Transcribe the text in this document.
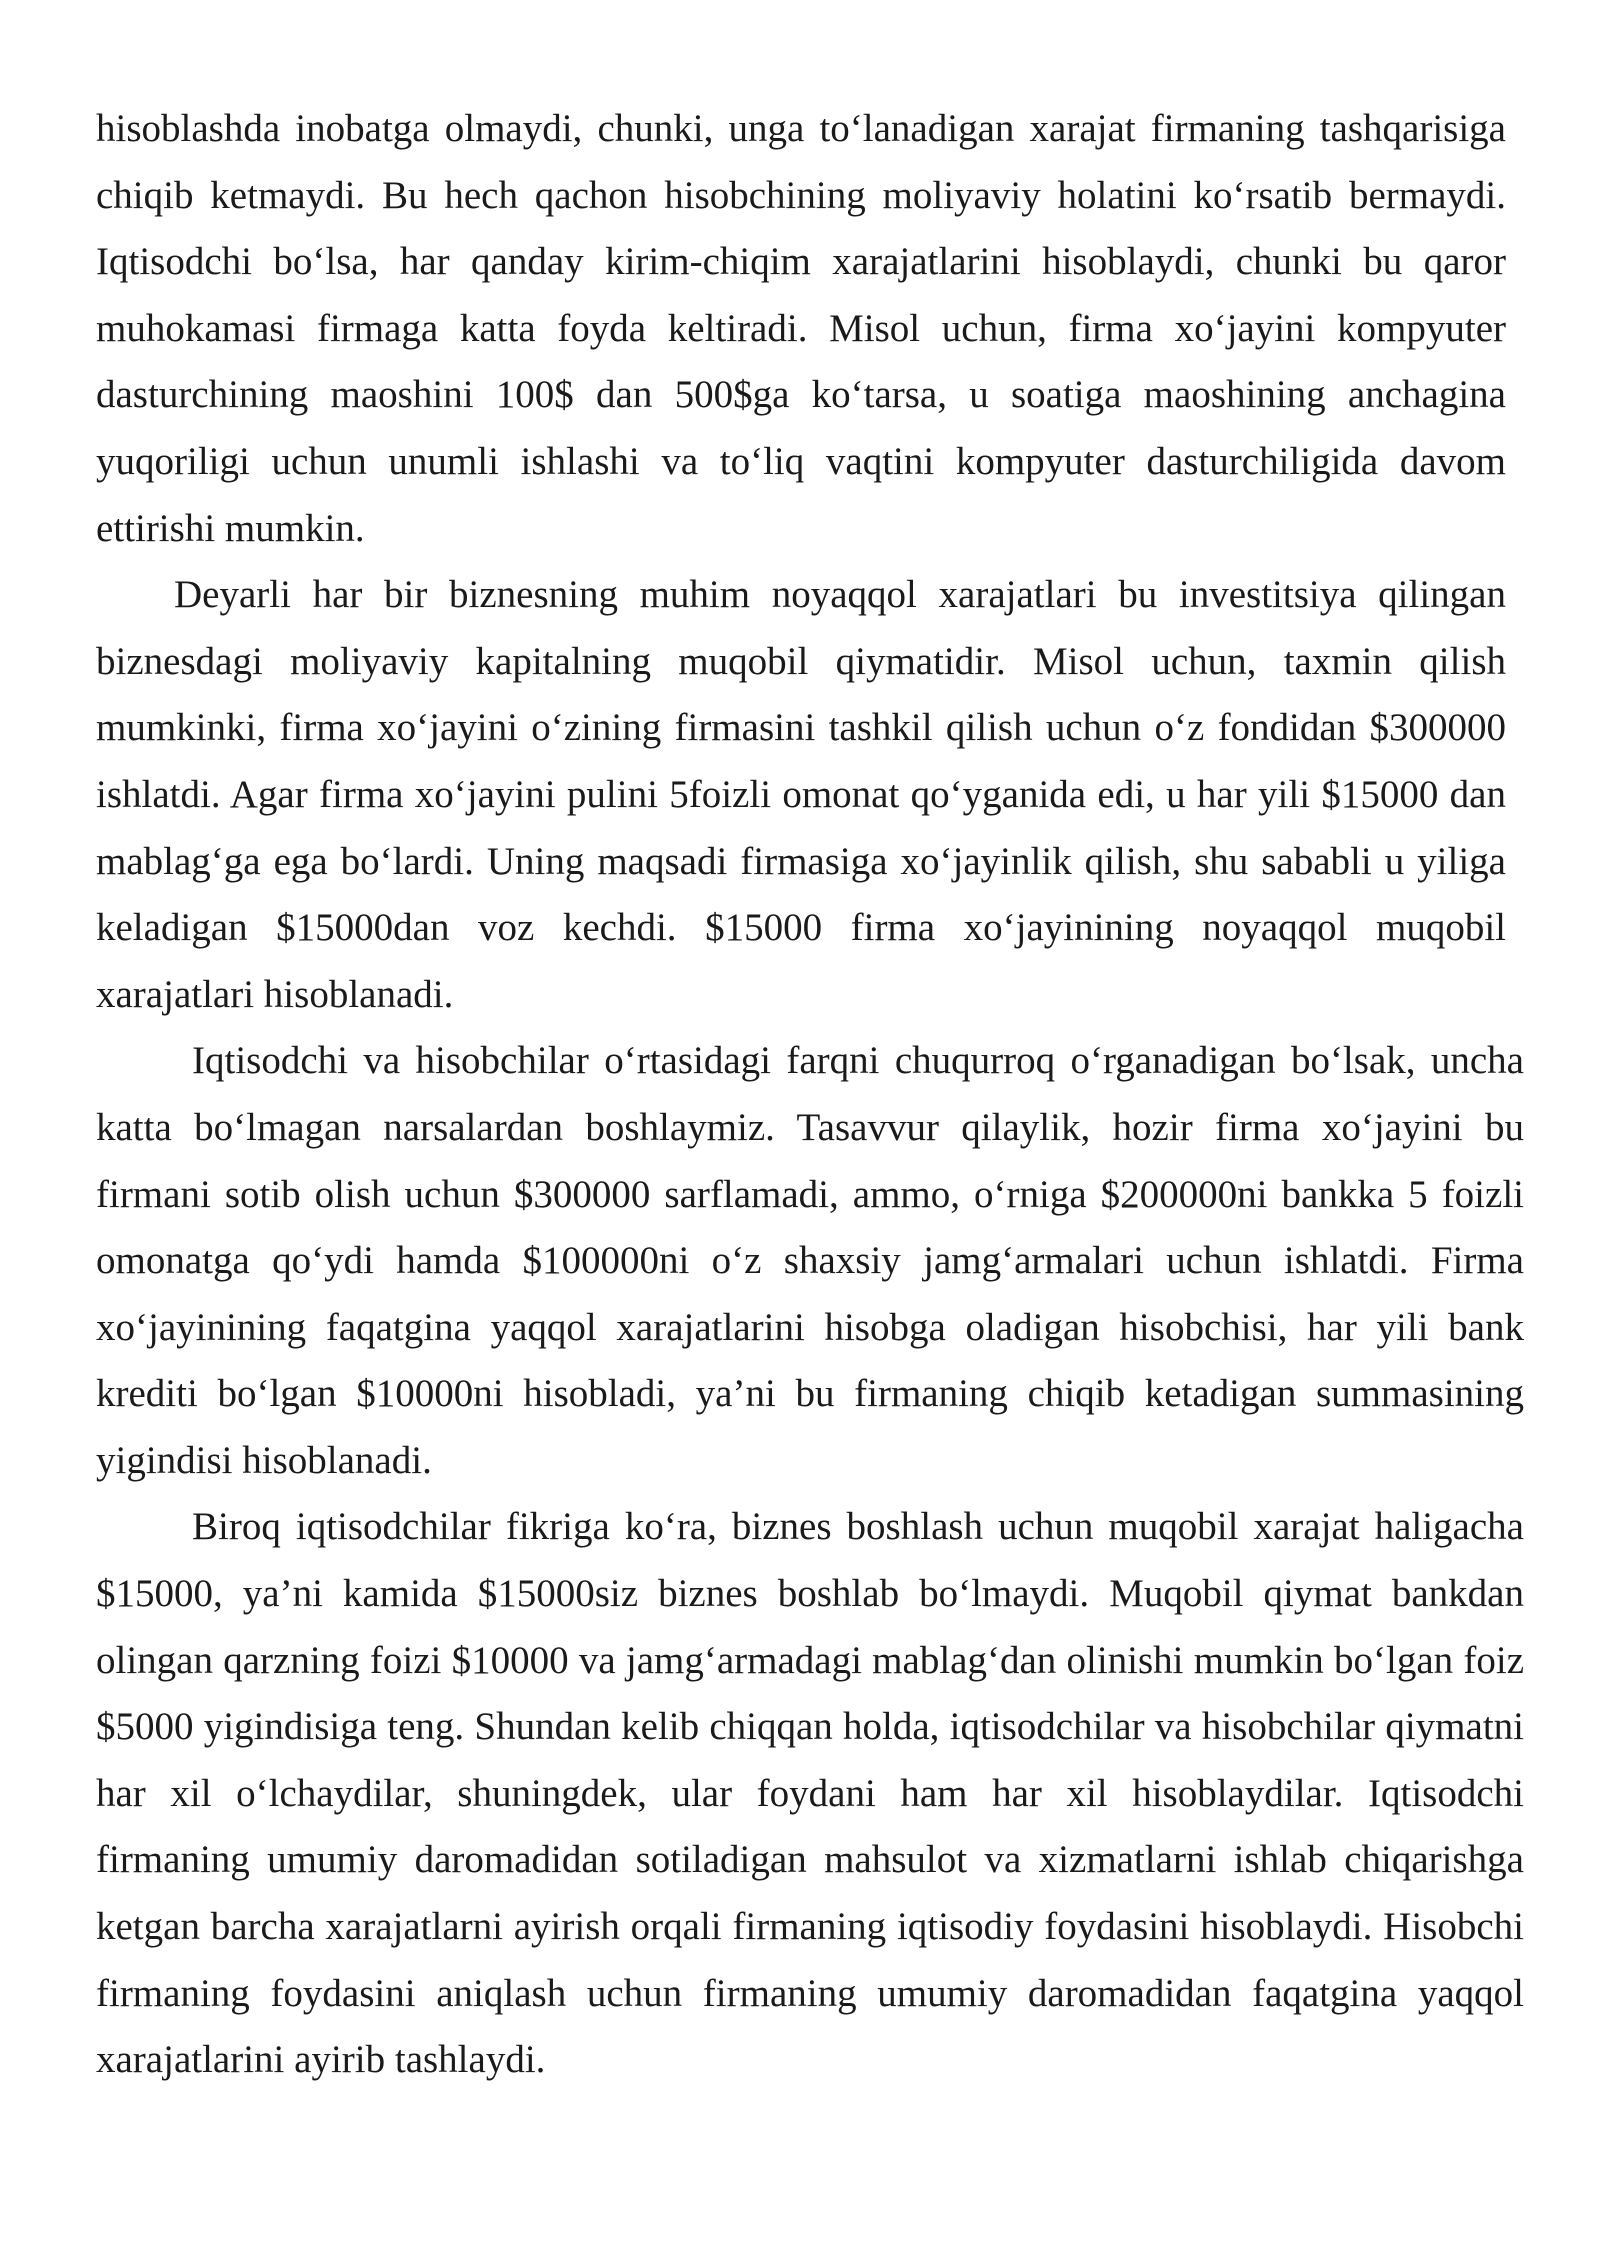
hisoblashda inobatga olmaydi, chunki, unga to‘lanadigan xarajat firmaning tashqarisiga chiqib ketmaydi. Bu hech qachon hisobchining moliyaviy holatini ko‘rsatib bermaydi. Iqtisodchi bo‘lsa, har qanday kirim-chiqim xarajatlarini hisoblaydi, chunki bu qaror muhokamasi firmaga katta foyda keltiradi. Misol uchun, firma xo‘jayini kompyuter dasturchining maoshini 100$ dan 500$ga ko‘tarsa, u soatiga maoshining anchagina yuqoriligi uchun unumli ishlashi va to‘liq vaqtini kompyuter dasturchiligida davom ettirishi mumkin.

Deyarli har bir biznesning muhim noyaqqol xarajatlari bu investitsiya qilingan biznesdagi moliyaviy kapitalning muqobil qiymatidir. Misol uchun, taxmin qilish mumkinki, firma xo‘jayini o‘zining firmasini tashkil qilish uchun o‘z fondidan $300000 ishlatdi. Agar firma xo‘jayini pulini 5foizli omonat qo‘yganida edi, u har yili $15000 dan mablag‘ga ega bo‘lardi. Uning maqsadi firmasiga xo‘jayinlik qilish, shu sababli u yiliga keladigan $15000dan voz kechdi. $15000 firma xo‘jayinining noyaqqol muqobil xarajatlari hisoblanadi.

Iqtisodchi va hisobchilar o‘rtasidagi farqni chuqurroq o‘rganadigan bo‘lsak, uncha katta bo‘lmagan narsalardan boshlaymiz. Tasavvur qilaylik, hozir firma xo‘jayini bu firmani sotib olish uchun $300000 sarflamadi, ammo, o‘rniga $200000ni bankka 5 foizli omonatga qo‘ydi hamda $100000ni o‘z shaxsiy jamg‘armalari uchun ishlatdi. Firma xo‘jayinining faqatgina yaqqol xarajatlarini hisobga oladigan hisobchisi, har yili bank krediti bo‘lgan $10000ni hisobladi, ya’ni bu firmaning chiqib ketadigan summasining yigindisi hisoblanadi.

Biroq iqtisodchilar fikriga ko‘ra, biznes boshlash uchun muqobil xarajat haligacha $15000, ya’ni kamida $15000siz biznes boshlab bo‘lmaydi. Muqobil qiymat bankdan olingan qarzning foizi $10000 va jamg‘armadagi mablag‘dan olinishi mumkin bo‘lgan foiz $5000 yigindisiga teng. Shundan kelib chiqqan holda, iqtisodchilar va hisobchilar qiymatni har xil o‘lchaydilar, shuningdek, ular foydani ham har xil hisoblaydilar. Iqtisodchi firmaning umumiy daromadidan sotiladigan mahsulot va xizmatlarni ishlab chiqarishga ketgan barcha xarajatlarni ayirish orqali firmaning iqtisodiy foydasini hisoblaydi. Hisobchi firmaning foydasini aniqlash uchun firmaning umumiy daromadidan faqatgina yaqqol xarajatlarini ayirib tashlaydi.
